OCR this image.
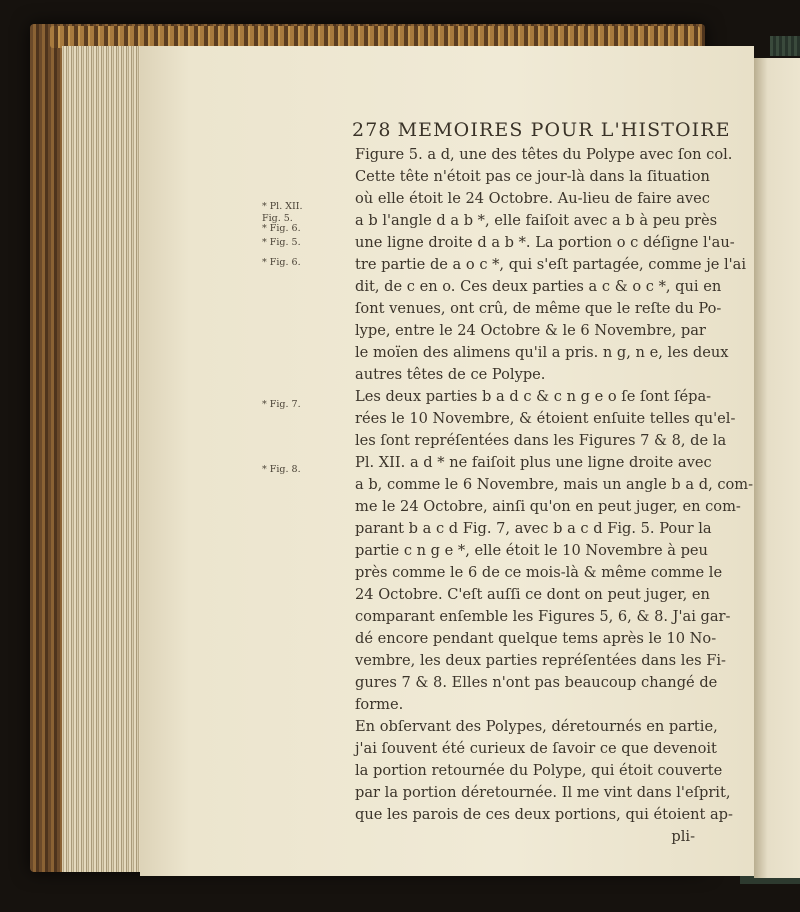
278 MEMOIRES POUR L'HISTOIRE
* Pl. XII.
Fig. 5.
* Fig. 6.
* Fig. 5.
* Fig. 6.
* Fig. 7.
* Fig. 8.
Figure 5. a d, une des têtes du Polype avec ſon col.
Cette tête n'étoit pas ce jour-là dans la ſituation
où elle étoit le 24 Octobre. Au-lieu de faire avec
a b l'angle d a b *, elle faiſoit avec a b à peu près
une ligne droite d a b *. La portion o c déſigne l'au-
tre partie de a o c *, qui s'eſt partagée, comme je l'ai
dit, de c en o. Ces deux parties a c & o c *, qui en
ſont venues, ont crû, de même que le reſte du Po-
lype, entre le 24 Octobre & le 6 Novembre, par
le moïen des alimens qu'il a pris. n g, n e, les deux
autres têtes de ce Polype.
Les deux parties b a d c & c n g e o ſe ſont ſépa-
rées le 10 Novembre, & étoient enſuite telles qu'el-
les ſont repréſentées dans les Figures 7 & 8, de la
Pl. XII. a d * ne faiſoit plus une ligne droite avec
a b, comme le 6 Novembre, mais un angle b a d, com-
me le 24 Octobre, ainſi qu'on en peut juger, en com-
parant b a c d Fig. 7, avec b a c d Fig. 5. Pour la
partie c n g e *, elle étoit le 10 Novembre à peu
près comme le 6 de ce mois-là & même comme le
24 Octobre. C'eſt auſſi ce dont on peut juger, en
comparant enſemble les Figures 5, 6, & 8. J'ai gar-
dé encore pendant quelque tems après le 10 No-
vembre, les deux parties repréſentées dans les Fi-
gures 7 & 8. Elles n'ont pas beaucoup changé de
forme.
En obſervant des Polypes, déretournés en partie,
j'ai ſouvent été curieux de ſavoir ce que devenoit
la portion retournée du Polype, qui étoit couverte
par la portion déretournée. Il me vint dans l'eſprit,
que les parois de ces deux portions, qui étoient ap-
pli-
